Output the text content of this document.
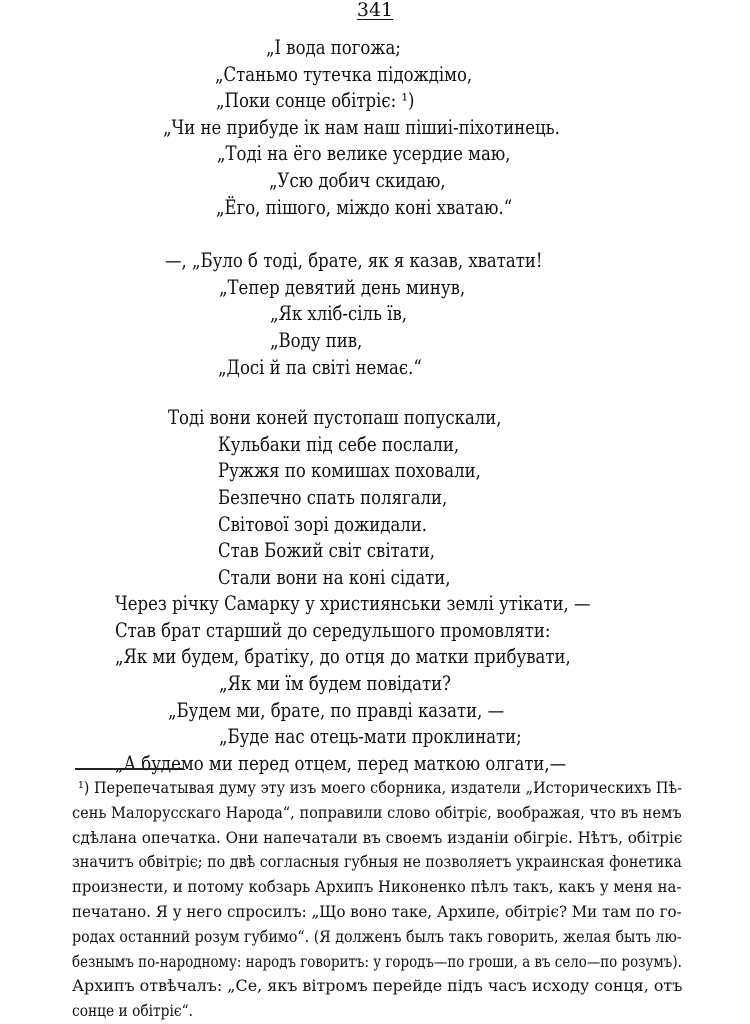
341
„І вода погожа;
„Станьмо тутечка підождімо,
„Поки сонце обітріє: ¹)
„Чи не прибуде ік нам наш пішиі-піхотинець.
„Тоді на ёго велике усердие маю,
„Усю добич скидаю,
„Ёго, пішого, міждо коні хватаю.“
—, „Було б тоді, брате, як я казав, хватати!
„Тепер девятий день минув,
„Як хліб-сіль їв,
„Воду пив,
„Досі й па світі немає.“
Тоді вони коней пустопаш попускали,
Кульбаки під себе послали,
Ружжя по комишах поховали,
Безпечно спать полягали,
Світової зорі дожидали.
Став Божий світ світати,
Стали вони на коні сідати,
Через річку Самарку у християнськи землі утікати, —
Став брат старший до середульшого промовляти:
„Як ми будем, братіку, до отця до матки прибувати,
„Як ми їм будем повідати?
„Будем ми, брате, по правді казати, —
„Буде нас отець-мати проклинати;
„А будемо ми перед отцем, перед маткою олгати,—
¹) Перепечатывая думу эту изъ моего сборника, издатели „Историческихъ Пѣ-
сень Малорусскаго Народа“, поправили слово обітріє, воображая, что въ немъ
сдѣлана опечатка. Они напечатали въ своемъ изданіи обігріє. Нѣтъ, обітріє
значитъ обвітріє; по двѣ согласныя губныя не позволяетъ украинская фонетика
произнести, и потому кобзарь Архипъ Никоненко пѣлъ такъ, какъ у меня на-
печатано. Я у него спросилъ: „Що воно таке, Архипе, обітріє? Ми там по го-
родах останний розум губимо“. (Я долженъ былъ такъ говорить, желая быть лю-
безнымъ по-народному: народъ говоритъ: у городъ—по гроши, а въ село—по розумъ).
Архипъ отвѣчалъ: „Се, якъ вітромъ перейде підъ часъ исходу сонця, отъ
сонце и обітріє“.
